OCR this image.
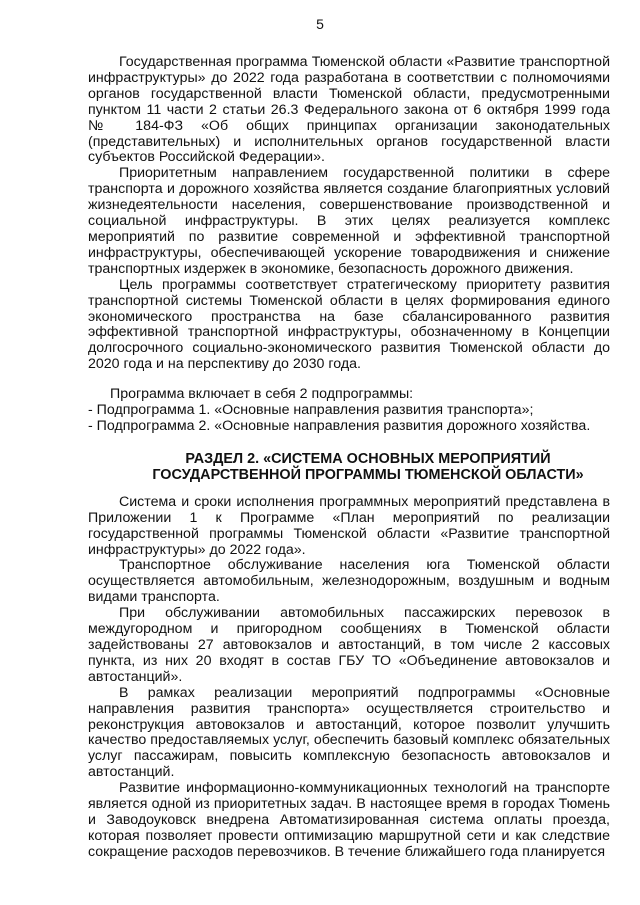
5

Государственная программа Тюменской области «Развитие транспортной инфраструктуры» до 2022 года разработана в соответствии с полномочиями органов государственной власти Тюменской области, предусмотренными пунктом 11 части 2 статьи 26.3 Федерального закона от 6 октября 1999 года № 184-ФЗ «Об общих принципах организации законодательных (представительных) и исполнительных органов государственной власти субъектов Российской Федерации».

Приоритетным направлением государственной политики в сфере транспорта и дорожного хозяйства является создание благоприятных условий жизнедеятельности населения, совершенствование производственной и социальной инфраструктуры. В этих целях реализуется комплекс мероприятий по развитие современной и эффективной транспортной инфраструктуры, обеспечивающей ускорение товародвижения и снижение транспортных издержек в экономике, безопасность дорожного движения.

Цель программы соответствует стратегическому приоритету развития транспортной системы Тюменской области в целях формирования единого экономического пространства на базе сбалансированного развития эффективной транспортной инфраструктуры, обозначенному в Концепции долгосрочного социально-экономического развития Тюменской области до 2020 года и на перспективу до 2030 года.

Программа включает в себя 2 подпрограммы:

- Подпрограмма 1. «Основные направления развития транспорта»;
- Подпрограмма 2. «Основные направления развития дорожного хозяйства.
РАЗДЕЛ 2. «СИСТЕМА ОСНОВНЫХ МЕРОПРИЯТИЙ
ГОСУДАРСТВЕННОЙ ПРОГРАММЫ ТЮМЕНСКОЙ ОБЛАСТИ»

Система и сроки исполнения программных мероприятий представлена в Приложении 1 к Программе «План мероприятий по реализации государственной программы Тюменской области «Развитие транспортной инфраструктуры» до 2022 года».

Транспортное обслуживание населения юга Тюменской области осуществляется автомобильным, железнодорожным, воздушным и водным видами транспорта.

При обслуживании автомобильных пассажирских перевозок в междугородном и пригородном сообщениях в Тюменской области задействованы 27 автовокзалов и автостанций, в том числе 2 кассовых пункта, из них 20 входят в состав ГБУ ТО «Объединение автовокзалов и автостанций».

В рамках реализации мероприятий подпрограммы «Основные направления развития транспорта» осуществляется строительство и реконструкция автовокзалов и автостанций, которое позволит улучшить качество предоставляемых услуг, обеспечить базовый комплекс обязательных услуг пассажирам, повысить комплексную безопасность автовокзалов и автостанций.

Развитие информационно-коммуникационных технологий на транспорте является одной из приоритетных задач. В настоящее время в городах Тюмень и Заводоуковск внедрена Автоматизированная система оплаты проезда, которая позволяет провести оптимизацию маршрутной сети и как следствие сокращение расходов перевозчиков. В течение ближайшего года планируется
